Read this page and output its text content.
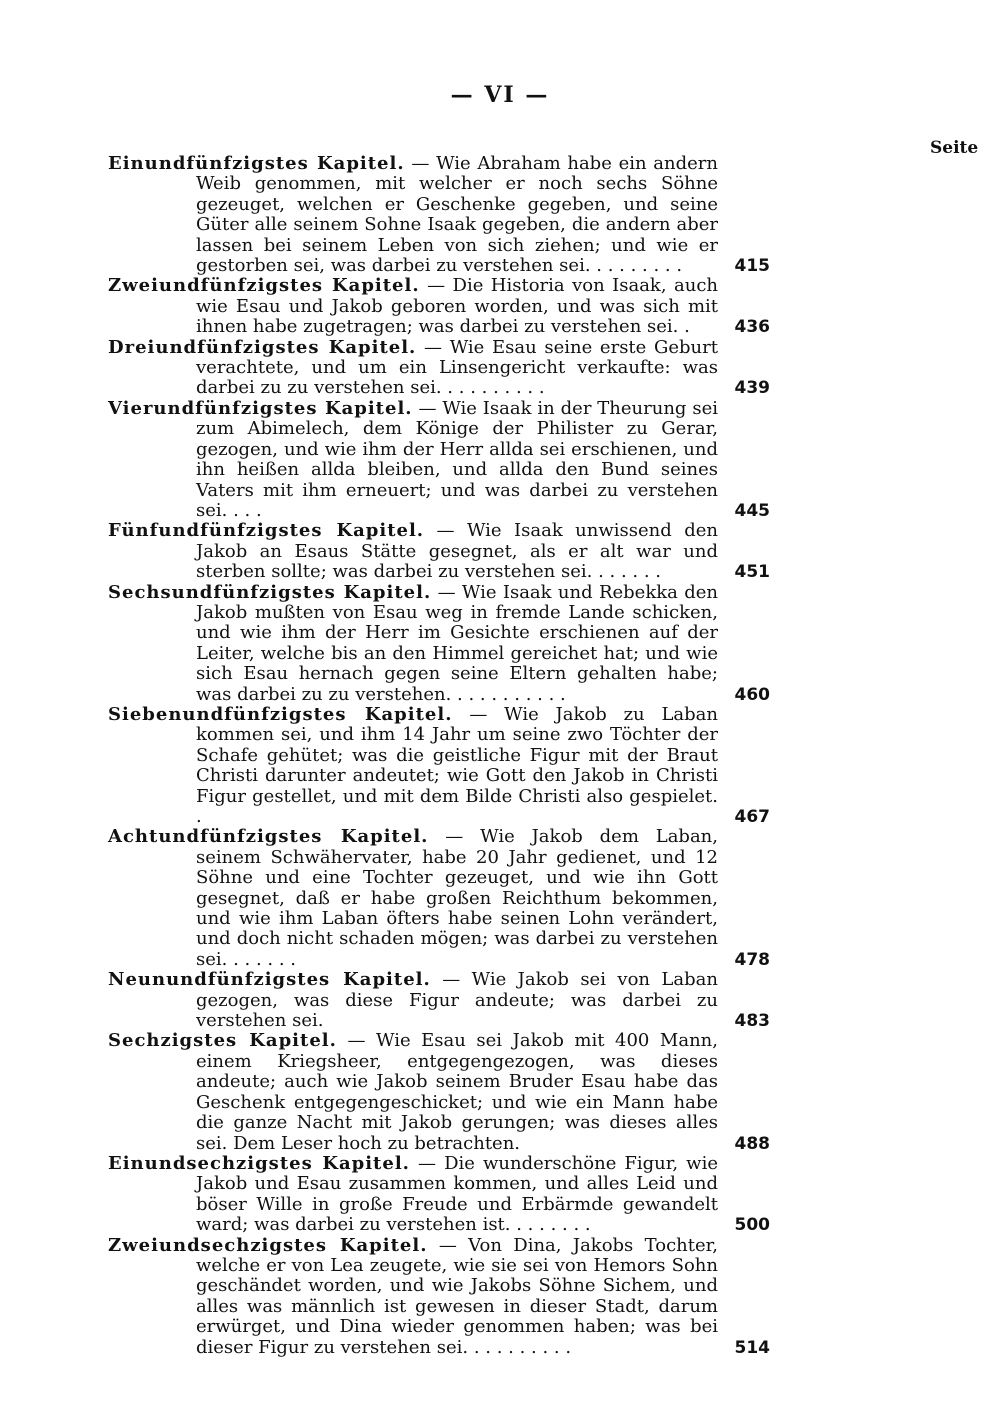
— VI —
Seite
Einundfünfzigstes Kapitel. — Wie Abraham habe ein andern Weib genommen, mit welcher er noch sechs Söhne gezeuget, welchen er Geschenke gegeben, und seine Güter alle seinem Sohne Isaak gegeben, die andern aber lassen bei seinem Leben von sich ziehen; und wie er gestorben sei, was darbei zu verstehen sei. . . . . . . . .	415
Zweiundfünfzigstes Kapitel. — Die Historia von Isaak, auch wie Esau und Jakob geboren worden, und was sich mit ihnen habe zugetragen; was darbei zu verstehen sei. .	436
Dreiundfünfzigstes Kapitel. — Wie Esau seine erste Geburt verachtete, und um ein Linsengericht verkaufte: was darbei zu zu verstehen sei. . . . . . . . . .	439
Vierundfünfzigstes Kapitel. — Wie Isaak in der Theurung sei zum Abimelech, dem Könige der Philister zu Gerar, gezogen, und wie ihm der Herr allda sei erschienen, und ihn heißen allda bleiben, und allda den Bund seines Vaters mit ihm erneuert; und was darbei zu verstehen sei. . . .	445
Fünfundfünfzigstes Kapitel. — Wie Isaak unwissend den Jakob an Esaus Stätte gesegnet, als er alt war und sterben sollte; was darbei zu verstehen sei. . . . . . .	451
Sechsundfünfzigstes Kapitel. — Wie Isaak und Rebekka den Jakob mußten von Esau weg in fremde Lande schicken, und wie ihm der Herr im Gesichte erschienen auf der Leiter, welche bis an den Himmel gereichet hat; und wie sich Esau hernach gegen seine Eltern gehalten habe; was darbei zu zu verstehen. . . . . . . . . . .	460
Siebenundfünfzigstes Kapitel. — Wie Jakob zu Laban kommen sei, und ihm 14 Jahr um seine zwo Töchter der Schafe gehütet; was die geistliche Figur mit der Braut Christi darunter andeutet; wie Gott den Jakob in Christi Figur gestellet, und mit dem Bilde Christi also gespielet. .	467
Achtundfünfzigstes Kapitel. — Wie Jakob dem Laban, seinem Schwähervater, habe 20 Jahr gedienet, und 12 Söhne und eine Tochter gezeuget, und wie ihn Gott gesegnet, daß er habe großen Reichthum bekommen, und wie ihm Laban öfters habe seinen Lohn verändert, und doch nicht schaden mögen; was darbei zu verstehen sei. . . . . . .	478
Neunundfünfzigstes Kapitel. — Wie Jakob sei von Laban gezogen, was diese Figur andeute; was darbei zu verstehen sei.	483
Sechzigstes Kapitel. — Wie Esau sei Jakob mit 400 Mann, einem Kriegsheer, entgegengezogen, was dieses andeute; auch wie Jakob seinem Bruder Esau habe das Geschenk entgegengeschicket; und wie ein Mann habe die ganze Nacht mit Jakob gerungen; was dieses alles sei. Dem Leser hoch zu betrachten.	488
Einundsechzigstes Kapitel. — Die wunderschöne Figur, wie Jakob und Esau zusammen kommen, und alles Leid und böser Wille in große Freude und Erbärmde gewandelt ward; was darbei zu verstehen ist. . . . . . . .	500
Zweiundsechzigstes Kapitel. — Von Dina, Jakobs Tochter, welche er von Lea zeugete, wie sie sei von Hemors Sohn geschändet worden, und wie Jakobs Söhne Sichem, und alles was männlich ist gewesen in dieser Stadt, darum erwürget, und Dina wieder genommen haben; was bei dieser Figur zu verstehen sei. . . . . . . . . .	514
